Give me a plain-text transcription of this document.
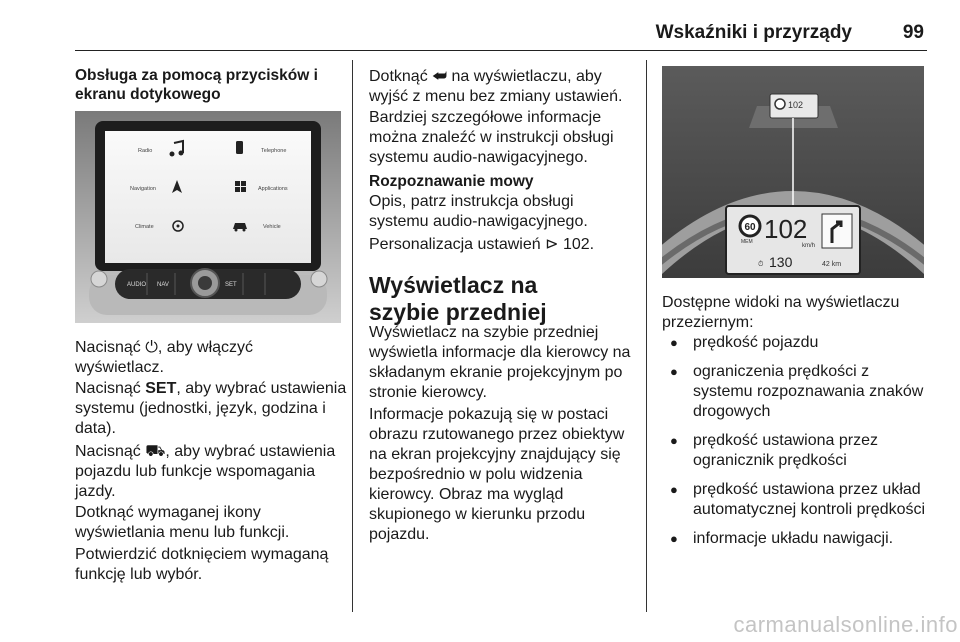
Wskaźniki i przyrządy	99

Obsługa za pomocą przycisków i ekranu dotykowego

Radio	Telephone
Navigation	Applications
Climate	Vehicle
AUDIO NAV	SET

Nacisnąć ⏻, aby włączyć wyświetlacz.

Nacisnąć SET, aby wybrać ustawienia systemu (jednostki, język, godzina i data).

Nacisnąć ⛟, aby wybrać ustawienia pojazdu lub funkcje wspomagania jazdy.

Dotknąć wymaganej ikony wyświetlania menu lub funkcji.

Potwierdzić dotknięciem wymaganą funkcję lub wybór.

Dotknąć ⮨ na wyświetlaczu, aby wyjść z menu bez zmiany ustawień.

Bardziej szczegółowe informacje można znaleźć w instrukcji obsługi systemu audio-nawigacyjnego.

Rozpoznawanie mowy

Opis, patrz instrukcja obsługi systemu audio-nawigacyjnego.

Personalizacja ustawień ⊳ 102.

Wyświetlacz na szybie przedniej

Wyświetlacz na szybie przedniej wyświetla informacje dla kierowcy na składanym ekranie projekcyjnym po stronie kierowcy.

Informacje pokazują się w postaci obrazu rzutowanego przez obiektyw na ekran projekcyjny znajdujący się bezpośrednio w polu widzenia kierowcy. Obraz ma wygląd skupionego w kierunku przodu pojazdu.

102
60
MEM 102
km/h
⏱ 130	42 km

Dostępne widoki na wyświetlaczu przeziernym:

● prędkość pojazdu
● ograniczenia prędkości z systemu rozpoznawania znaków drogowych
● prędkość ustawiona przez ogranicznik prędkości
● prędkość ustawiona przez układ automatycznej kontroli prędkości
● informacje układu nawigacji.
carmanualsonline.info
